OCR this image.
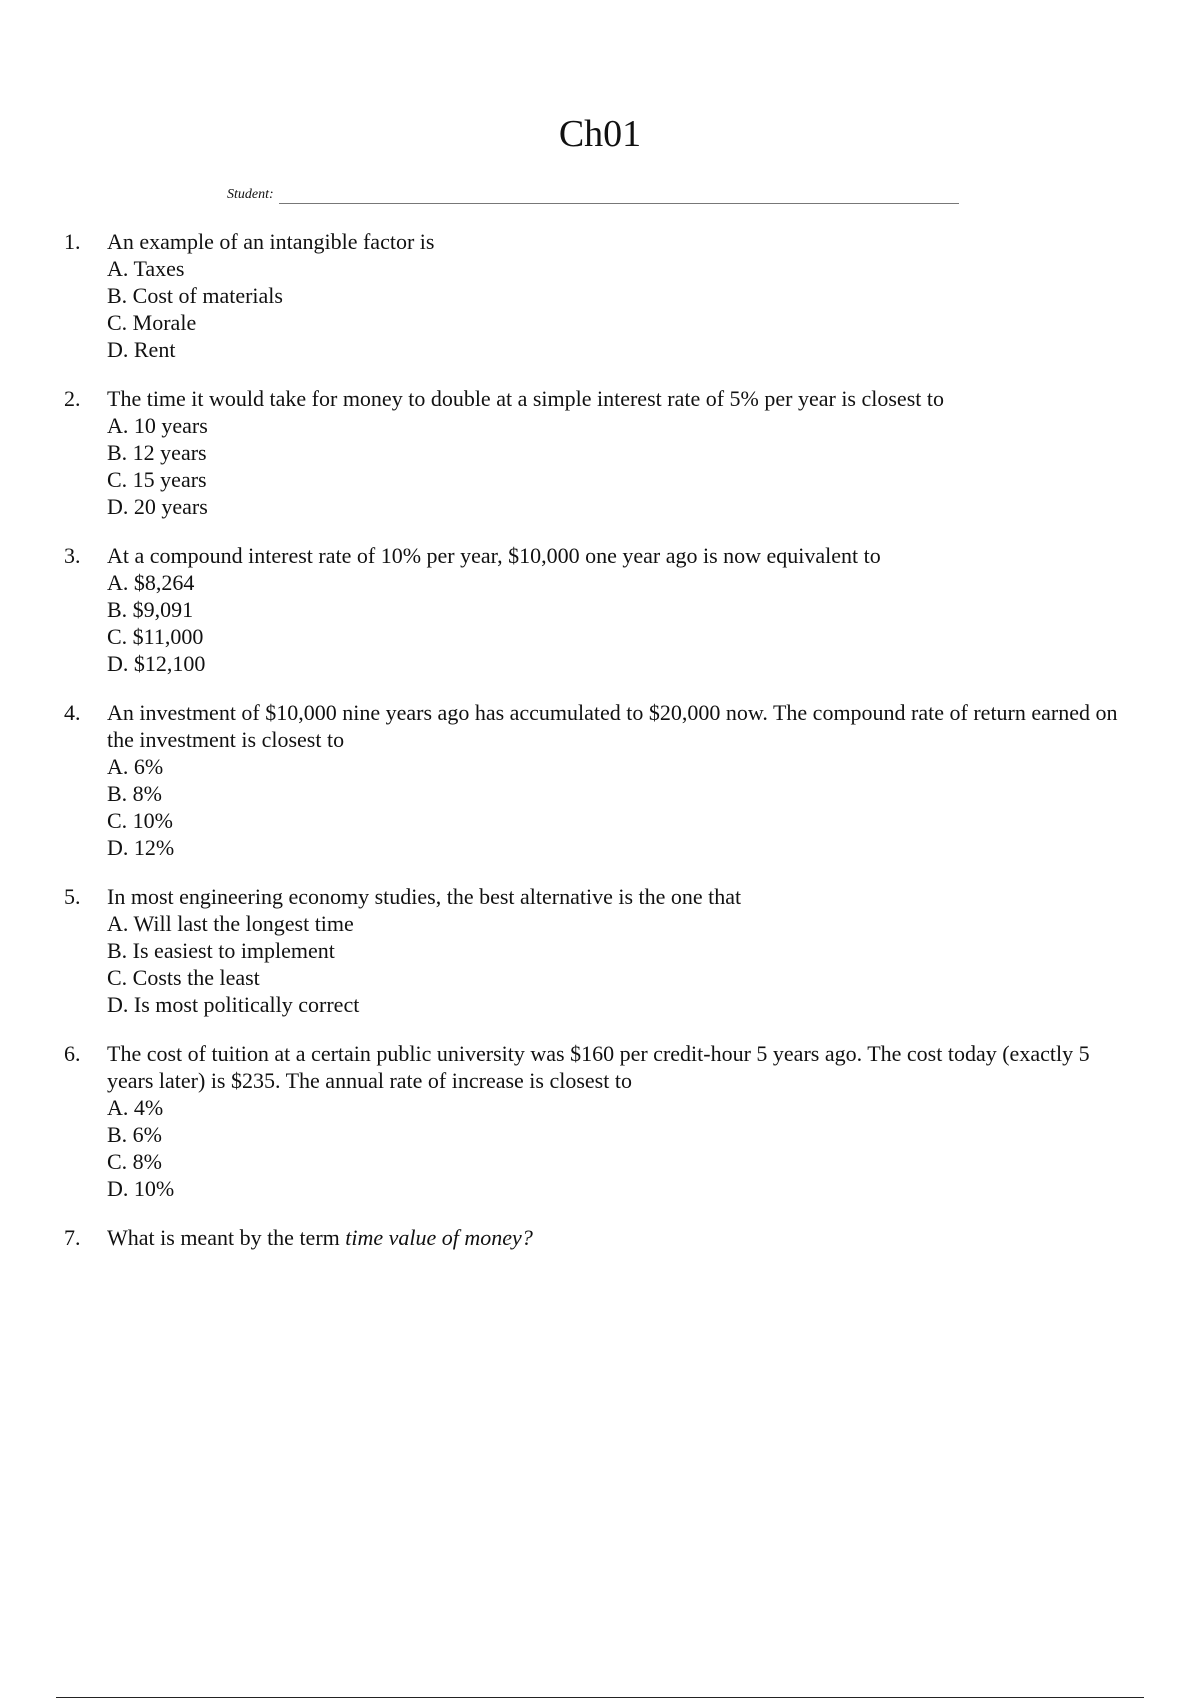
Ch01
Student:
1.	An example of an intangible factor is
A. Taxes
B. Cost of materials
C. Morale
D. Rent
2.	The time it would take for money to double at a simple interest rate of 5% per year is closest to
A. 10 years
B. 12 years
C. 15 years
D. 20 years
3.	At a compound interest rate of 10% per year, $10,000 one year ago is now equivalent to
A. $8,264
B. $9,091
C. $11,000
D. $12,100
4.	An investment of $10,000 nine years ago has accumulated to $20,000 now. The compound rate of return earned on the investment is closest to
A. 6%
B. 8%
C. 10%
D. 12%
5.	In most engineering economy studies, the best alternative is the one that
A. Will last the longest time
B. Is easiest to implement
C. Costs the least
D. Is most politically correct
6.	The cost of tuition at a certain public university was $160 per credit-hour 5 years ago. The cost today (exactly 5 years later) is $235. The annual rate of increase is closest to
A. 4%
B. 6%
C. 8%
D. 10%
7.	What is meant by the term time value of money?
